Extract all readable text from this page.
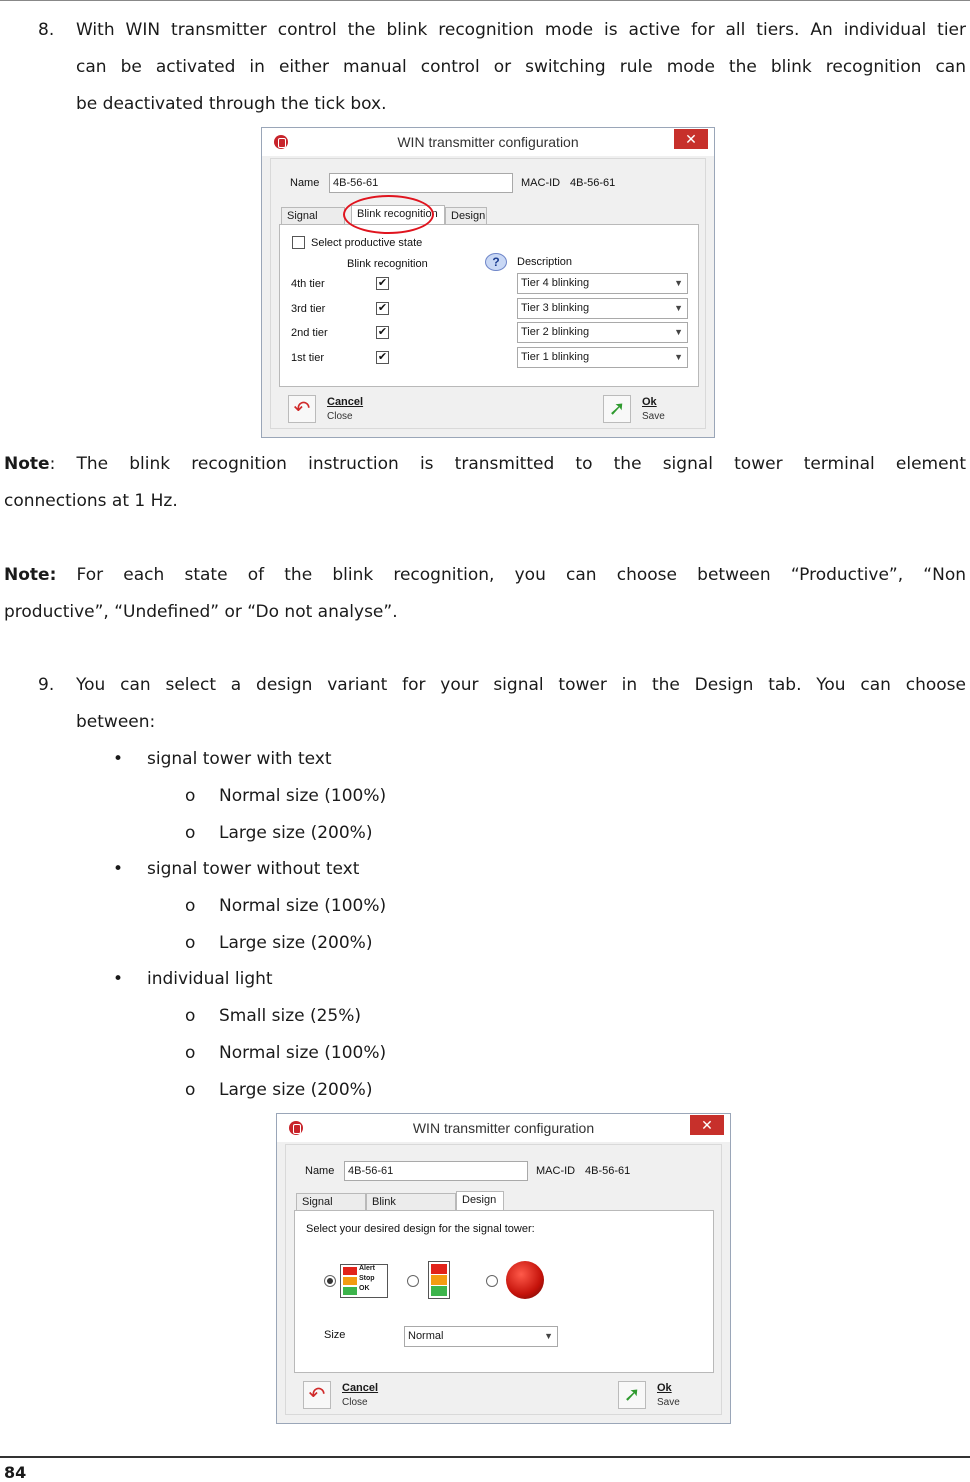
8. With WIN transmitter control the blink recognition mode is active for all tiers. An individual tier
can be activated in either manual control or switching rule mode the blink recognition can
be deactivated through the tick box.
WIN transmitter configuration	✕
Name	4B-56-61	MAC-ID 4B-56-61
Signal	Blink recognition	Design
Select productive state
Blink recognition	?	Description
4th tier	✔	Tier 4 blinking	▼
3rd tier	✔	Tier 3 blinking	▼
2nd tier	✔	Tier 2 blinking	▼
1st tier	✔	Tier 1 blinking	▼
↶	Cancel
Close	➚	Ok
Save
Note: The blink recognition instruction is transmitted to the signal tower terminal element
connections at 1 Hz.
Note: For each state of the blink recognition, you can choose between “Productive”, “Non
productive”, “Undefined” or “Do not analyse”.
9. You can select a design variant for your signal tower in the Design tab. You can choose
between:
• signal tower with text
o Normal size (100%)
o Large size (200%)
• signal tower without text
o Normal size (100%)
o Large size (200%)
• individual light
o Small size (25%)
o Normal size (100%)
o Large size (200%)
WIN transmitter configuration	✕
Name	4B-56-61	MAC-ID 4B-56-61
Signal	Blink	Design
Select your desired design for the signal tower:
Alert
Stop
OK
Size	Normal	▼
↶	Cancel
Close	➚	Ok
Save
84
